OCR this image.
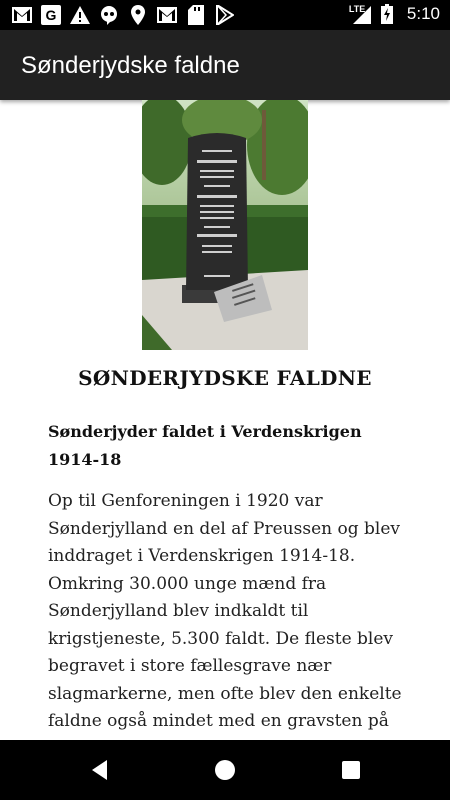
G	LTE 5:10
Sønderjydske faldne
SØNDERJYDSKE FALDNE
Sønderjyder faldet i Verdenskrigen 1914-18
Op til Genforeningen i 1920 var Sønderjylland en del af Preussen og blev inddraget i Verdenskrigen 1914-18. Omkring 30.000 unge mænd fra Sønderjylland blev indkaldt til krigstjeneste, 5.300 faldt. De fleste blev begravet i store fællesgrave nær slagmarkerne, men ofte blev den enkelte faldne også mindet med en gravsten på
